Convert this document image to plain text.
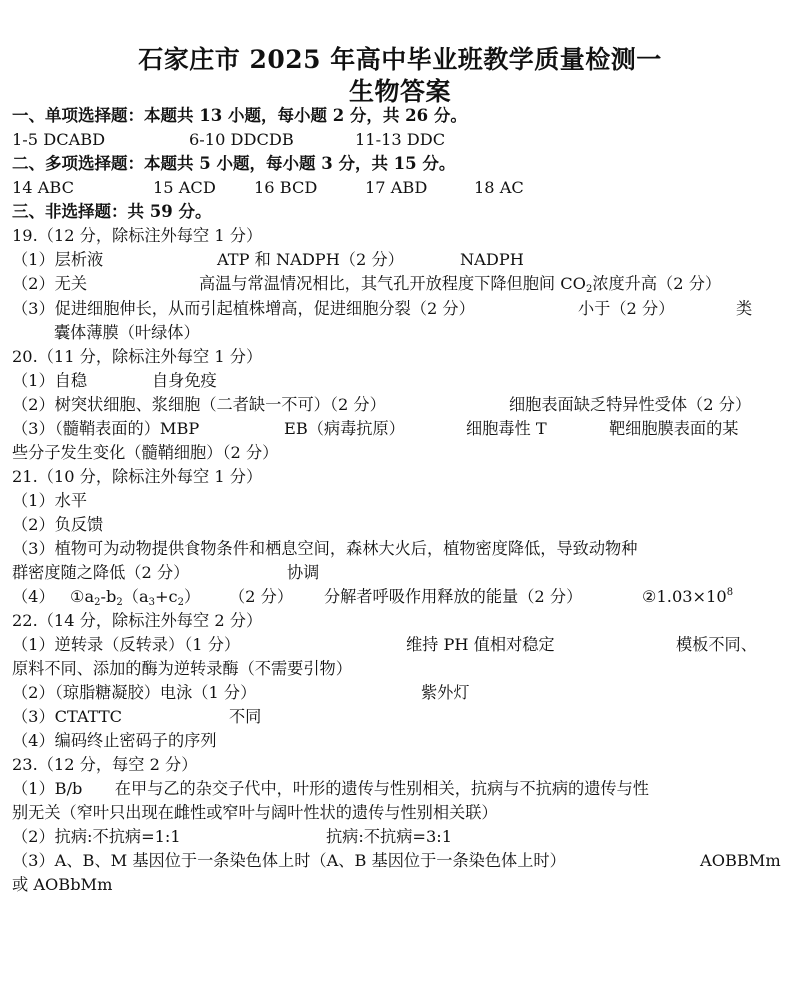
石家庄市 2025 年高中毕业班教学质量检测一
生物答案
一、单项选择题：本题共 13 小题，每小题 2 分，共 26 分。

1-5 DCABD

	6-10 DDCDB

	11-13 DDC

二、多项选择题：本题共 5 小题，每小题 3 分，共 15 分。

14 ABC

	15 ACD

16 BCD

	17 ABD

	18 AC

三、非选择题：共 59 分。
19.（12 分，除标注外每空 1 分）

（1）层析液

	ATP 和 NADPH（2 分）

	NADPH

（2）无关

	高温与常温情况相比，其气孔开放程度下降但胞间 $CO_2$浓度升高（2 分）

（3）促进细胞伸长，从而引起植株增高，促进细胞分裂（2 分）

	小于（2 分）

	类

囊体薄膜（叶绿体）
20.（11 分，除标注外每空 1 分）

（1）自稳

	自身免疫

（2）树突状细胞、浆细胞（二者缺一不可）（2 分）

	细胞表面缺乏特异性受体（2 分）

（3）（髓鞘表面的）MBP

	EB（病毒抗原）

	细胞毒性 T

	靶细胞膜表面的某

些分子发生变化（髓鞘细胞）（2 分）
21.（10 分，除标注外每空 1 分）
（1）水平
（2）负反馈
（3）植物可为动物提供食物条件和栖息空间，森林大火后，植物密度降低，导致动物种

群密度随之降低（2 分）

	协调

（4）

$①a_2-b_2(a_3+c_2)$

（2 分）

分解者呼吸作用释放的能量（2 分）

	$②1.03\times 10^8$

22.（14 分，除标注外每空 2 分）

（1）逆转录（反转录）（1 分）

	维持 PH 值相对稳定

	模板不同、

原料不同、添加的酶为逆转录酶（不需要引物）

（2）（琼脂糖凝胶）电泳（1 分）

	紫外灯

（3）CTATTC

	不同

（4）编码终止密码子的序列
23.（12 分，每空 2 分）
（1）B/b　　在甲与乙的杂交子代中，叶形的遗传与性别相关，抗病与不抗病的遗传与性
别无关（窄叶只出现在雌性或窄叶与阔叶性状的遗传与性别相关联）

（2）抗病:不抗病=1:1

	抗病:不抗病=3:1

（3）A、B、M 基因位于一条染色体上时（A、B 基因位于一条染色体上时）

	AOBBMm

或 AOBbMm
